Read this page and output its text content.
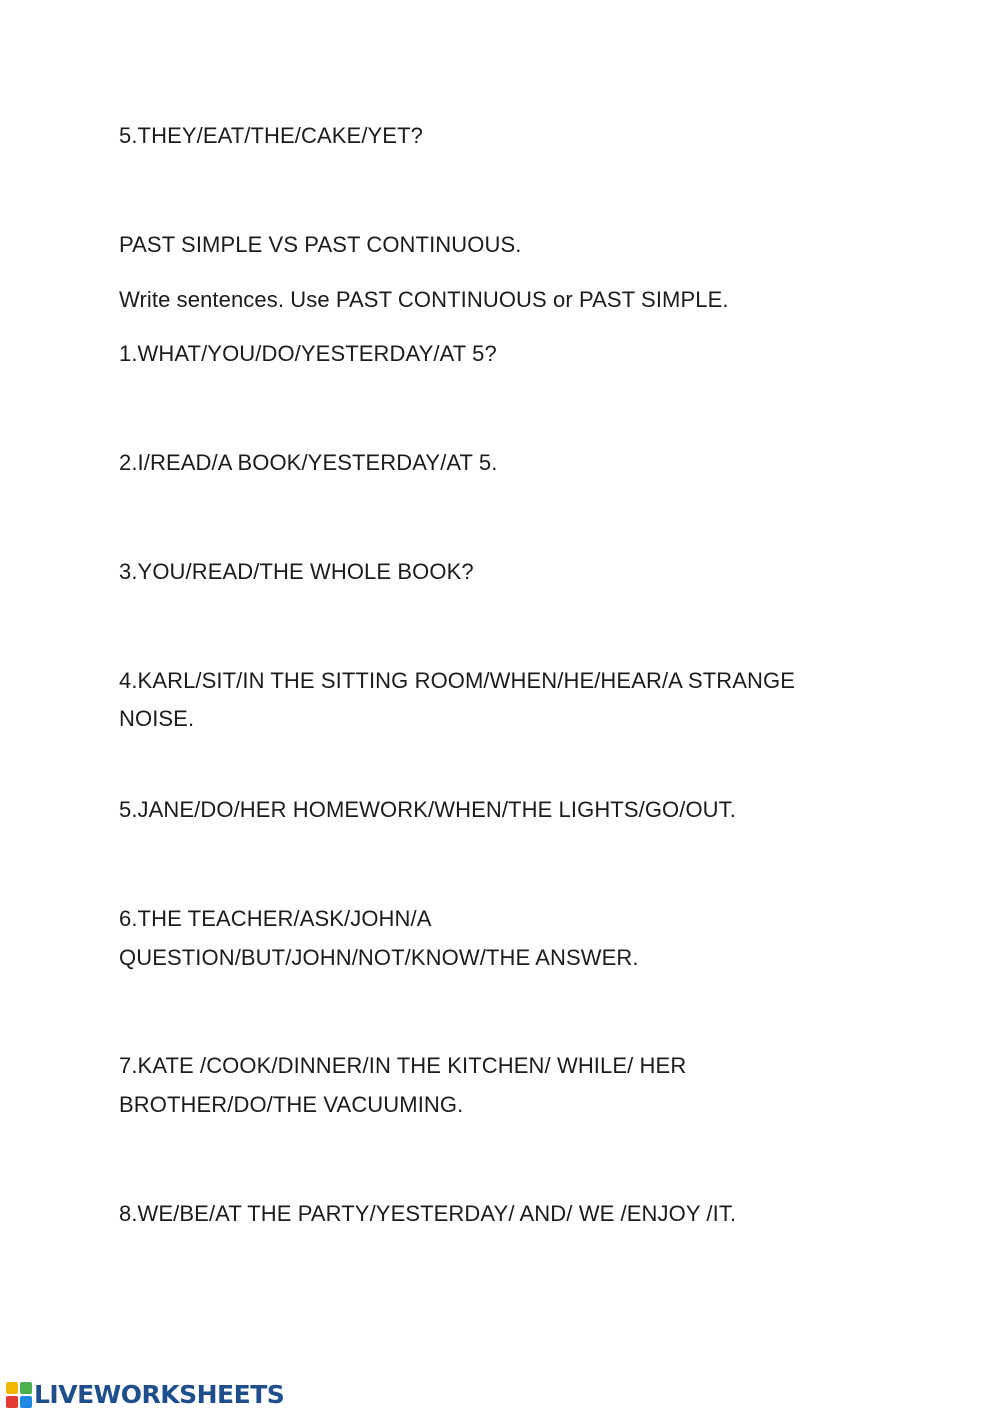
5.THEY/EAT/THE/CAKE/YET?
PAST SIMPLE VS PAST CONTINUOUS.
Write sentences. Use PAST CONTINUOUS or PAST SIMPLE.
1.WHAT/YOU/DO/YESTERDAY/AT 5?
2.I/READ/A BOOK/YESTERDAY/AT 5.
3.YOU/READ/THE WHOLE BOOK?
4.KARL/SIT/IN THE SITTING ROOM/WHEN/HE/HEAR/A STRANGE
NOISE.
5.JANE/DO/HER HOMEWORK/WHEN/THE LIGHTS/GO/OUT.
6.THE TEACHER/ASK/JOHN/A
QUESTION/BUT/JOHN/NOT/KNOW/THE ANSWER.
7.KATE /COOK/DINNER/IN THE KITCHEN/ WHILE/ HER
BROTHER/DO/THE VACUUMING.
8.WE/BE/AT THE PARTY/YESTERDAY/ AND/ WE /ENJOY /IT.
LIVEWORKSHEETS
